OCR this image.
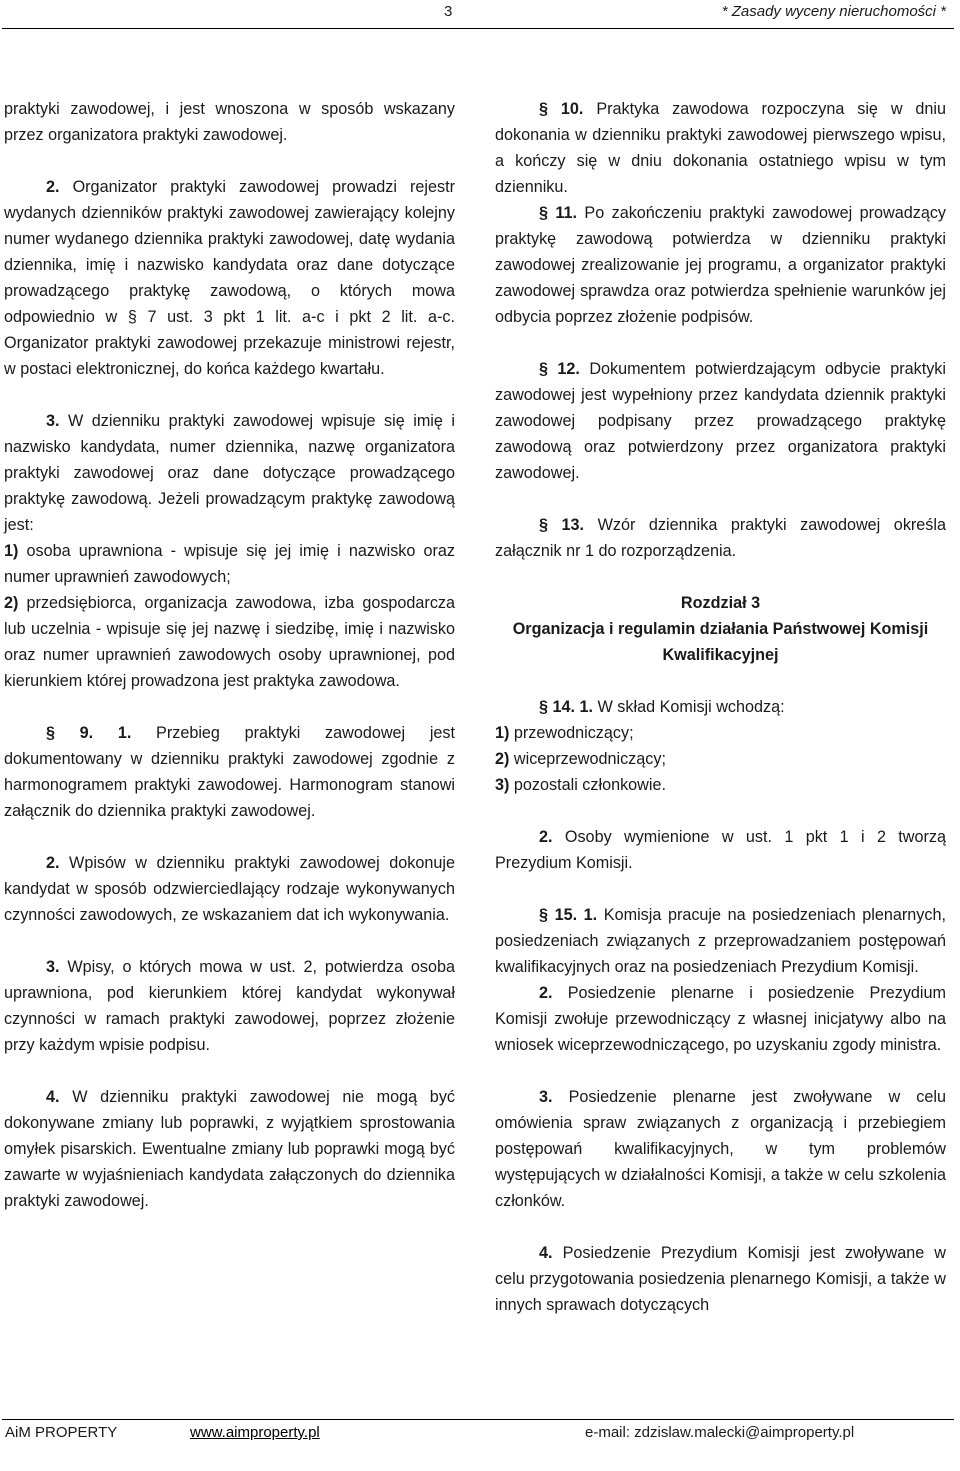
3	* Zasady wyceny nieruchomości *

praktyki zawodowej, i jest wnoszona w sposób wskazany przez organizatora praktyki zawodowej.

2. Organizator praktyki zawodowej prowadzi rejestr wydanych dzienników praktyki zawodowej zawierający kolejny numer wydanego dziennika praktyki zawodowej, datę wydania dziennika, imię i nazwisko kandydata oraz dane dotyczące prowadzącego praktykę zawodową, o których mowa odpowiednio w § 7 ust. 3 pkt 1 lit. a-c i pkt 2 lit. a-c. Organizator praktyki zawodowej przekazuje ministrowi rejestr, w postaci elektronicznej, do końca każdego kwartału.

3. W dzienniku praktyki zawodowej wpisuje się imię i nazwisko kandydata, numer dziennika, nazwę organizatora praktyki zawodowej oraz dane dotyczące prowadzącego praktykę zawodową. Jeżeli prowadzącym praktykę zawodową jest:

1) osoba uprawniona - wpisuje się jej imię i nazwisko oraz numer uprawnień zawodowych;

2) przedsiębiorca, organizacja zawodowa, izba gospodarcza lub uczelnia - wpisuje się jej nazwę i siedzibę, imię i nazwisko oraz numer uprawnień zawodowych osoby uprawnionej, pod kierunkiem której prowadzona jest praktyka zawodowa.

§ 9. 1. Przebieg praktyki zawodowej jest dokumentowany w dzienniku praktyki zawodowej zgodnie z harmonogramem praktyki zawodowej. Harmonogram stanowi załącznik do dziennika praktyki zawodowej.

2. Wpisów w dzienniku praktyki zawodowej dokonuje kandydat w sposób odzwierciedlający rodzaje wykonywanych czynności zawodowych, ze wskazaniem dat ich wykonywania.

3. Wpisy, o których mowa w ust. 2, potwierdza osoba uprawniona, pod kierunkiem której kandydat wykonywał czynności w ramach praktyki zawodowej, poprzez złożenie przy każdym wpisie podpisu.

4. W dzienniku praktyki zawodowej nie mogą być dokonywane zmiany lub poprawki, z wyjątkiem sprostowania omyłek pisarskich. Ewentualne zmiany lub poprawki mogą być zawarte w wyjaśnieniach kandydata załączonych do dziennika praktyki zawodowej.

§ 10. Praktyka zawodowa rozpoczyna się w dniu dokonania w dzienniku praktyki zawodowej pierwszego wpisu, a kończy się w dniu dokonania ostatniego wpisu w tym dzienniku.

§ 11. Po zakończeniu praktyki zawodowej prowadzący praktykę zawodową potwierdza w dzienniku praktyki zawodowej zrealizowanie jej programu, a organizator praktyki zawodowej sprawdza oraz potwierdza spełnienie warunków jej odbycia poprzez złożenie podpisów.

§ 12. Dokumentem potwierdzającym odbycie praktyki zawodowej jest wypełniony przez kandydata dziennik praktyki zawodowej podpisany przez prowadzącego praktykę zawodową oraz potwierdzony przez organizatora praktyki zawodowej.

§ 13. Wzór dziennika praktyki zawodowej określa załącznik nr 1 do rozporządzenia.

Rozdział 3

Organizacja i regulamin działania Państwowej Komisji Kwalifikacyjnej

§ 14. 1. W skład Komisji wchodzą:

1) przewodniczący;

2) wiceprzewodniczący;

3) pozostali członkowie.

2. Osoby wymienione w ust. 1 pkt 1 i 2 tworzą Prezydium Komisji.

§ 15. 1. Komisja pracuje na posiedzeniach plenarnych, posiedzeniach związanych z przeprowadzaniem postępowań kwalifikacyjnych oraz na posiedzeniach Prezydium Komisji.

2. Posiedzenie plenarne i posiedzenie Prezydium Komisji zwołuje przewodniczący z własnej inicjatywy albo na wniosek wiceprzewodniczącego, po uzyskaniu zgody ministra.

3. Posiedzenie plenarne jest zwoływane w celu omówienia spraw związanych z organizacją i przebiegiem postępowań kwalifikacyjnych, w tym problemów występujących w działalności Komisji, a także w celu szkolenia członków.

4. Posiedzenie Prezydium Komisji jest zwoływane w celu przygotowania posiedzenia plenarnego Komisji, a także w innych sprawach dotyczących

AiM PROPERTY	www.aimproperty.pl	e-mail: zdzislaw.malecki@aimproperty.pl
